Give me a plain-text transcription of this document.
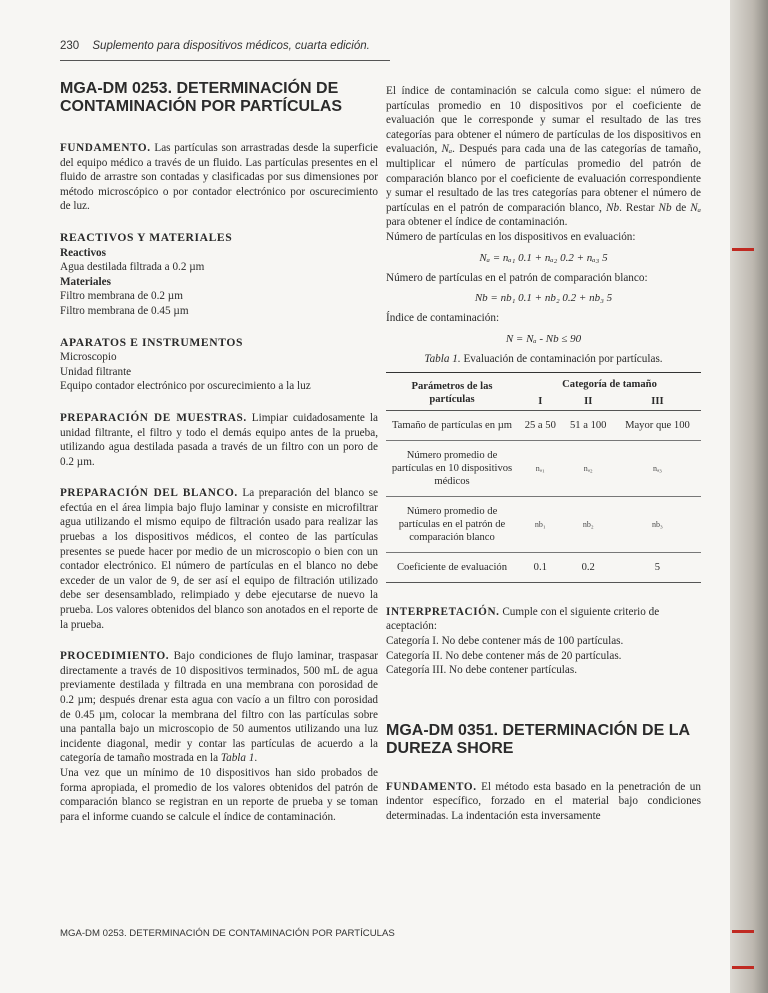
230 Suplemento para dispositivos médicos, cuarta edición.
MGA-DM 0253. DETERMINACIÓN DE CONTAMINACIÓN POR PARTÍCULAS

FUNDAMENTO. Las partículas son arrastradas desde la superficie del equipo médico a través de un fluido. Las partículas presentes en el fluido de arrastre son contadas y clasificadas por sus dimensiones por método microscópico o por contador electrónico por oscurecimiento de luz.

REACTIVOS Y MATERIALES
Reactivos
Agua destilada filtrada a 0.2 µm
Materiales
Filtro membrana de 0.2 µm
Filtro membrana de 0.45 µm
APARATOS E INSTRUMENTOS
Microscopio
Unidad filtrante
Equipo contador electrónico por oscurecimiento a la luz

PREPARACIÓN DE MUESTRAS. Limpiar cuidadosamente la unidad filtrante, el filtro y todo el demás equipo antes de la prueba, utilizando agua destilada pasada a través de un filtro con un poro de 0.2 µm.

PREPARACIÓN DEL BLANCO. La preparación del blanco se efectúa en el área limpia bajo flujo laminar y consiste en microfiltrar agua utilizando el mismo equipo de filtración usado para realizar las pruebas a los dispositivos médicos, el conteo de las partículas presentes se puede hacer por medio de un microscopio o bien con un contador electrónico. El número de partículas en el blanco no debe exceder de un valor de 9, de ser así el equipo de filtración utilizado debe ser desensamblado, relimpiado y debe ejecutarse de nuevo la prueba. Los valores obtenidos del blanco son anotados en el reporte de la prueba.

PROCEDIMIENTO. Bajo condiciones de flujo laminar, traspasar directamente a través de 10 dispositivos terminados, 500 mL de agua previamente destilada y filtrada en una membrana con porosidad de 0.2 µm; después drenar esta agua con vacío a un filtro con porosidad de 0.45 µm, colocar la membrana del filtro con las partículas sobre una pantalla bajo un microscopio de 50 aumentos utilizando una luz incidente diagonal, medir y contar las partículas de acuerdo a la categoría de tamaño mostrada en la Tabla 1.

Una vez que un mínimo de 10 dispositivos han sido probados de forma apropiada, el promedio de los valores obtenidos del patrón de comparación blanco se registran en un reporte de prueba y se toman para el informe cuando se calcule el índice de contaminación.

El índice de contaminación se calcula como sigue: el número de partículas promedio en 10 dispositivos por el coeficiente de evaluación que le corresponde y sumar el resultado de las tres categorías para obtener el número de partículas de los dispositivos en evaluación, Nₐ. Después para cada una de las categorías de tamaño, multiplicar el número de partículas promedio del patrón de comparación blanco por el coeficiente de evaluación correspondiente y sumar el resultado de las tres categorías para obtener el número de partículas en el patrón de comparación blanco, Nb. Restar Nb de Nₐ para obtener el índice de contaminación.

Número de partículas en los dispositivos en evaluación:

Nₐ = nₐ₁ 0.1 + nₐ₂ 0.2 + nₐ₃ 5

Número de partículas en el patrón de comparación blanco:

Nb = nb₁ 0.1 + nb₂ 0.2 + nb₃ 5

Índice de contaminación:

N = Nₐ - Nb ≤ 90
Tabla 1. Evaluación de contaminación por partículas.
Parámetros de las partículas	Categoría de tamaño		
	I	II	III
Tamaño de partículas en µm	25 a 50	51 a 100	Mayor que 100
Número promedio de partículas en 10 dispositivos médicos	nₐ₁	nₐ₂	nₐ₃
Número promedio de partículas en el patrón de comparación blanco	nb₁	nb₂	nb₃
Coeficiente de evaluación	0.1	0.2	5

INTERPRETACIÓN. Cumple con el siguiente criterio de aceptación:

Categoría I. No debe contener más de 100 partículas.
Categoría II. No debe contener más de 20 partículas.
Categoría III. No debe contener partículas.
MGA-DM 0351. DETERMINACIÓN DE LA DUREZA SHORE

FUNDAMENTO. El método esta basado en la penetración de un indentor específico, forzado en el material bajo condiciones determinadas. La indentación esta inversamente

MGA-DM 0253. DETERMINACIÓN DE CONTAMINACIÓN POR PARTÍCULAS
